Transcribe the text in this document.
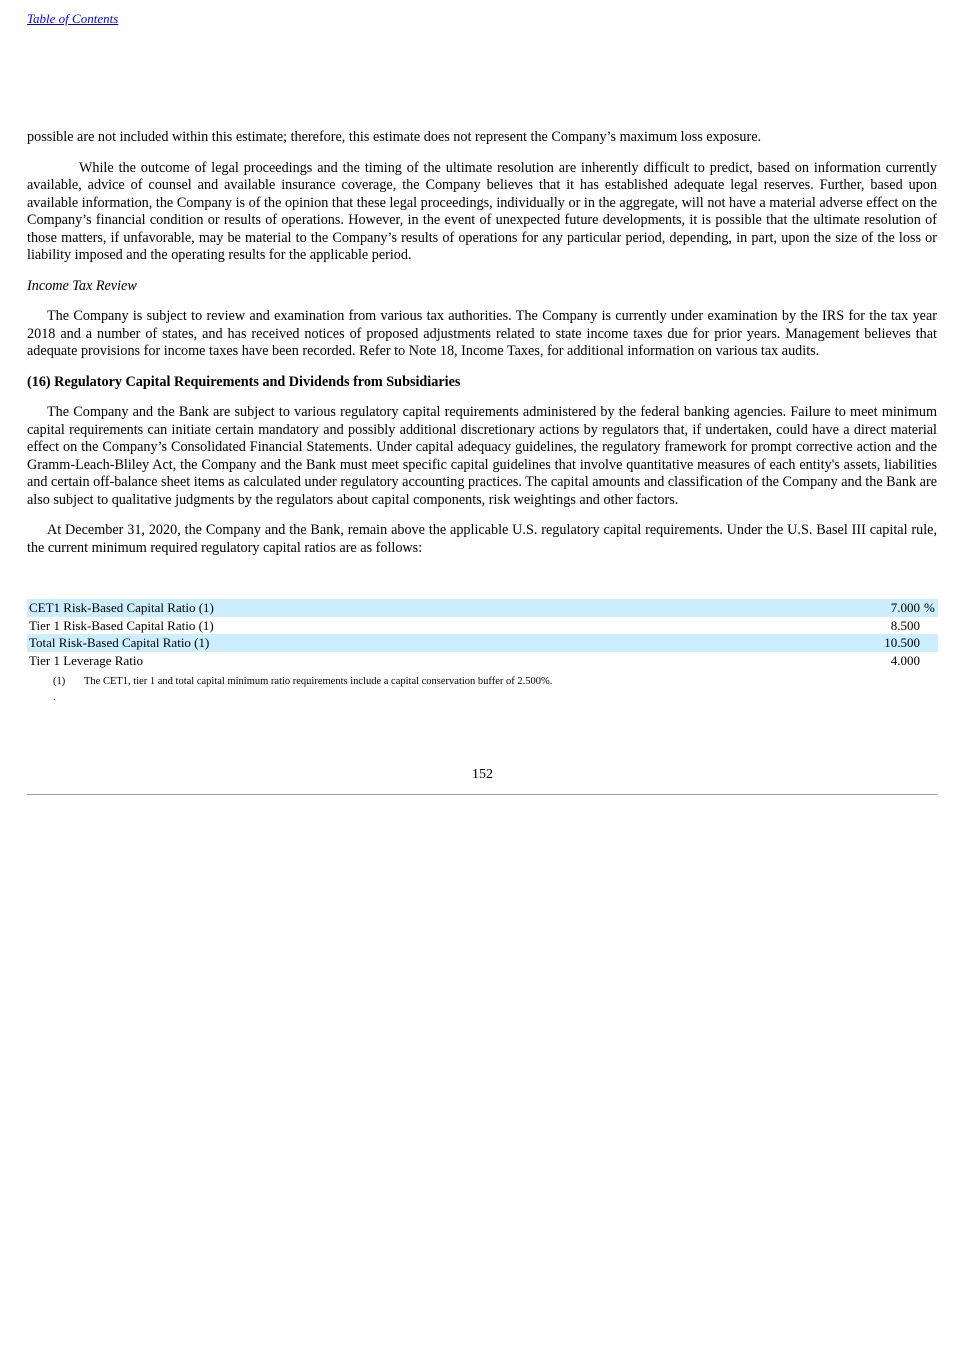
Table of Contents

possible are not included within this estimate; therefore, this estimate does not represent the Company’s maximum loss exposure.

While the outcome of legal proceedings and the timing of the ultimate resolution are inherently difficult to predict, based on information currently available, advice of counsel and available insurance coverage, the Company believes that it has established adequate legal reserves. Further, based upon available information, the Company is of the opinion that these legal proceedings, individually or in the aggregate, will not have a material adverse effect on the Company’s financial condition or results of operations. However, in the event of unexpected future developments, it is possible that the ultimate resolution of those matters, if unfavorable, may be material to the Company’s results of operations for any particular period, depending, in part, upon the size of the loss or liability imposed and the operating results for the applicable period.

Income Tax Review

The Company is subject to review and examination from various tax authorities. The Company is currently under examination by the IRS for the tax year 2018 and a number of states, and has received notices of proposed adjustments related to state income taxes due for prior years. Management believes that adequate provisions for income taxes have been recorded. Refer to Note 18, Income Taxes, for additional information on various tax audits.

(16) Regulatory Capital Requirements and Dividends from Subsidiaries

The Company and the Bank are subject to various regulatory capital requirements administered by the federal banking agencies. Failure to meet minimum capital requirements can initiate certain mandatory and possibly additional discretionary actions by regulators that, if undertaken, could have a direct material effect on the Company’s Consolidated Financial Statements. Under capital adequacy guidelines, the regulatory framework for prompt corrective action and the Gramm-Leach-Bliley Act, the Company and the Bank must meet specific capital guidelines that involve quantitative measures of each entity's assets, liabilities and certain off-balance sheet items as calculated under regulatory accounting practices. The capital amounts and classification of the Company and the Bank are also subject to qualitative judgments by the regulators about capital components, risk weightings and other factors.

At December 31, 2020, the Company and the Bank, remain above the applicable U.S. regulatory capital requirements. Under the U.S. Basel III capital rule, the current minimum required regulatory capital ratios are as follows:

CET1 Risk-Based Capital Ratio (1)	7.000	%
Tier 1 Risk-Based Capital Ratio (1)	8.500	
Total Risk-Based Capital Ratio (1)	10.500	
Tier 1 Leverage Ratio	4.000	
(1) The CET1, tier 1 and total capital minimum ratio requirements include a capital conservation buffer of 2.500%.
.
152
